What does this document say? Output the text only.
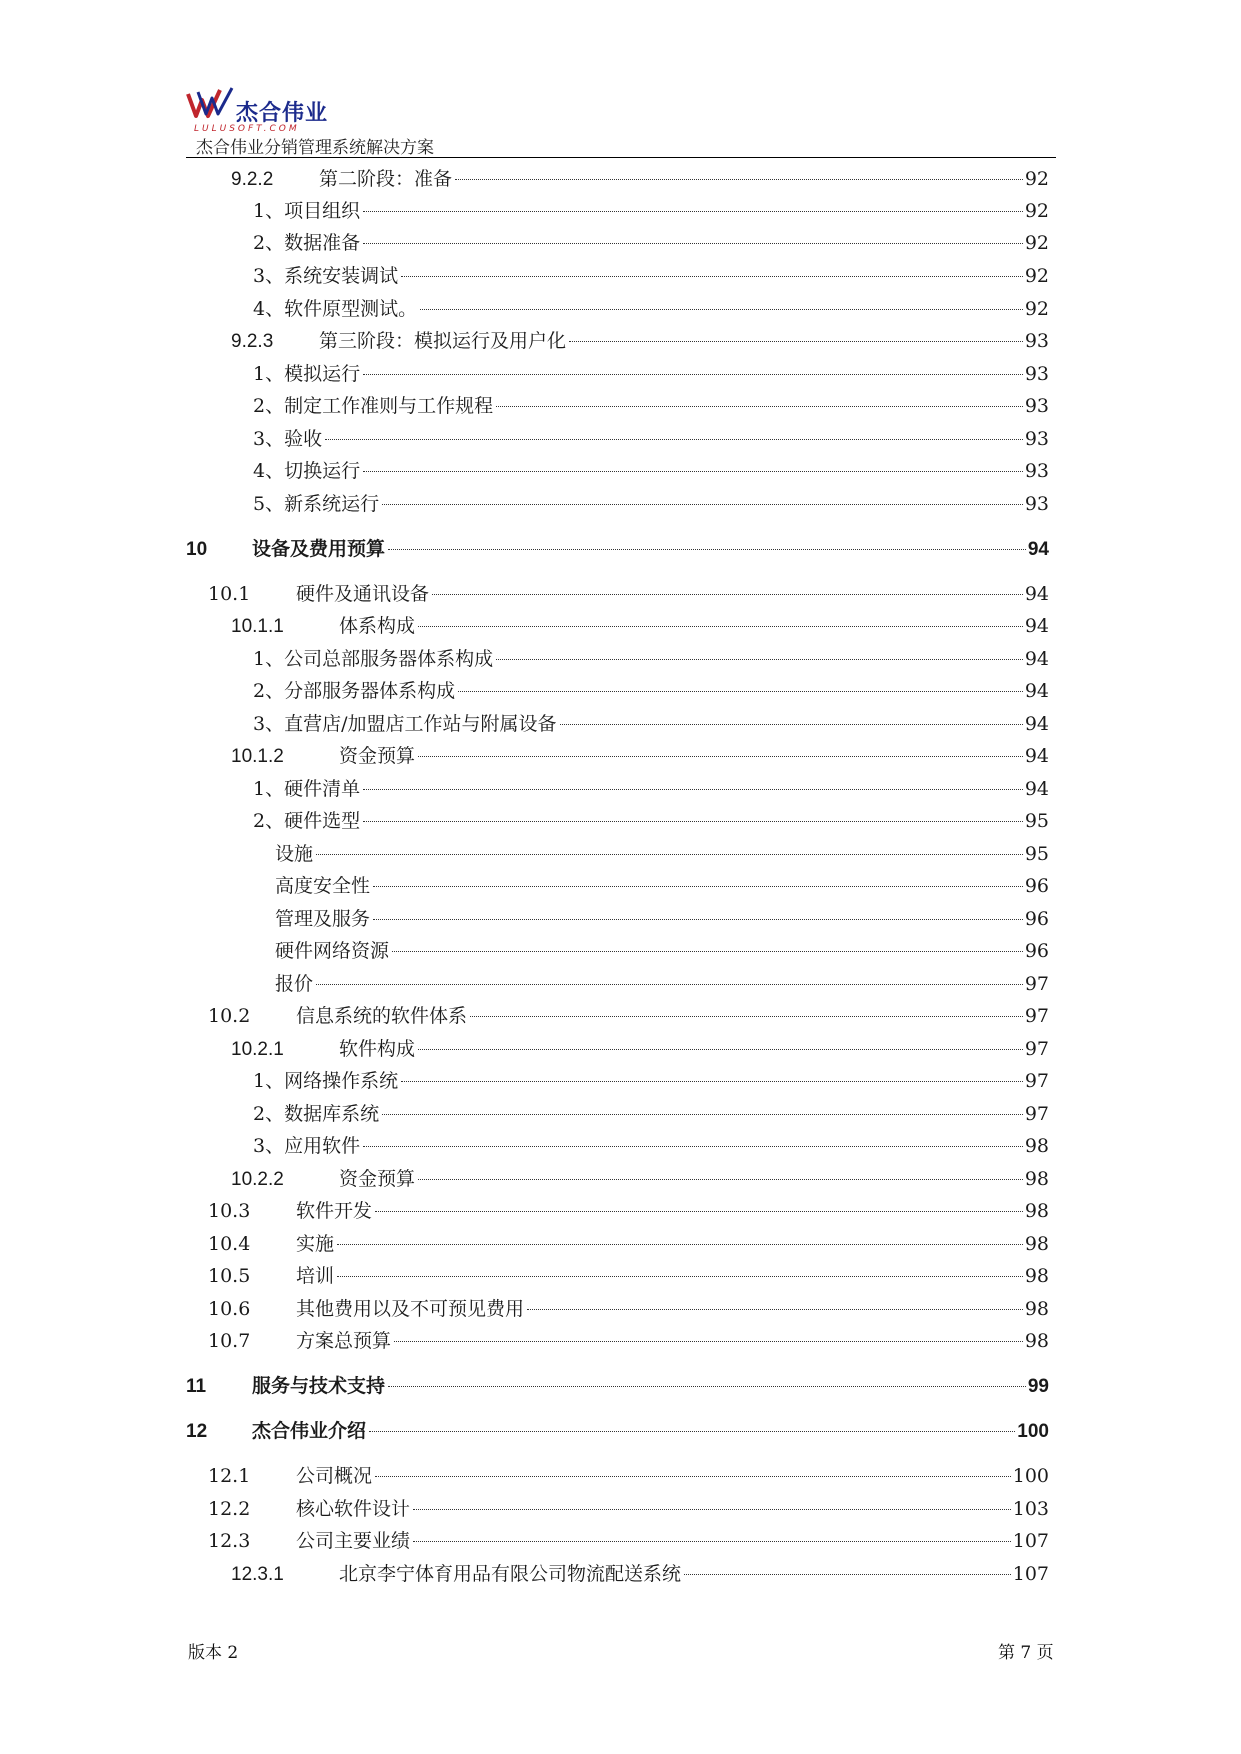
杰合伟业
LULUSOFT.COM
杰合伟业分销管理系统解决方案
9.2.2	第二阶段：准备	92
1、 项目组织	92
2、 数据准备	92
3、 系统安装调试	92
4、 软件原型测试。	92
9.2.3	第三阶段：模拟运行及用户化	93
1、 模拟运行	93
2、 制定工作准则与工作规程	93
3、 验收	93
4、 切换运行	93
5、 新系统运行	93
10	设备及费用预算	94
10.1	硬件及通讯设备	94
10.1.1	体系构成	94
1、 公司总部服务器体系构成	94
2、 分部服务器体系构成	94
3、 直营店/加盟店工作站与附属设备	94
10.1.2	资金预算	94
1、 硬件清单	94
2、 硬件选型	95
设施	95
高度安全性	96
管理及服务	96
硬件网络资源	96
报价	97
10.2	信息系统的软件体系	97
10.2.1	软件构成	97
1、 网络操作系统	97
2、 数据库系统	97
3、 应用软件	98
10.2.2	资金预算	98
10.3	软件开发	98
10.4	实施	98
10.5	培训	98
10.6	其他费用以及不可预见费用	98
10.7	方案总预算	98
11	服务与技术支持	99
12	杰合伟业介绍	100
12.1	公司概况	100
12.2	核心软件设计	103
12.3	公司主要业绩	107
12.3.1	北京李宁体育用品有限公司物流配送系统	107
版本 2	第 7 页
